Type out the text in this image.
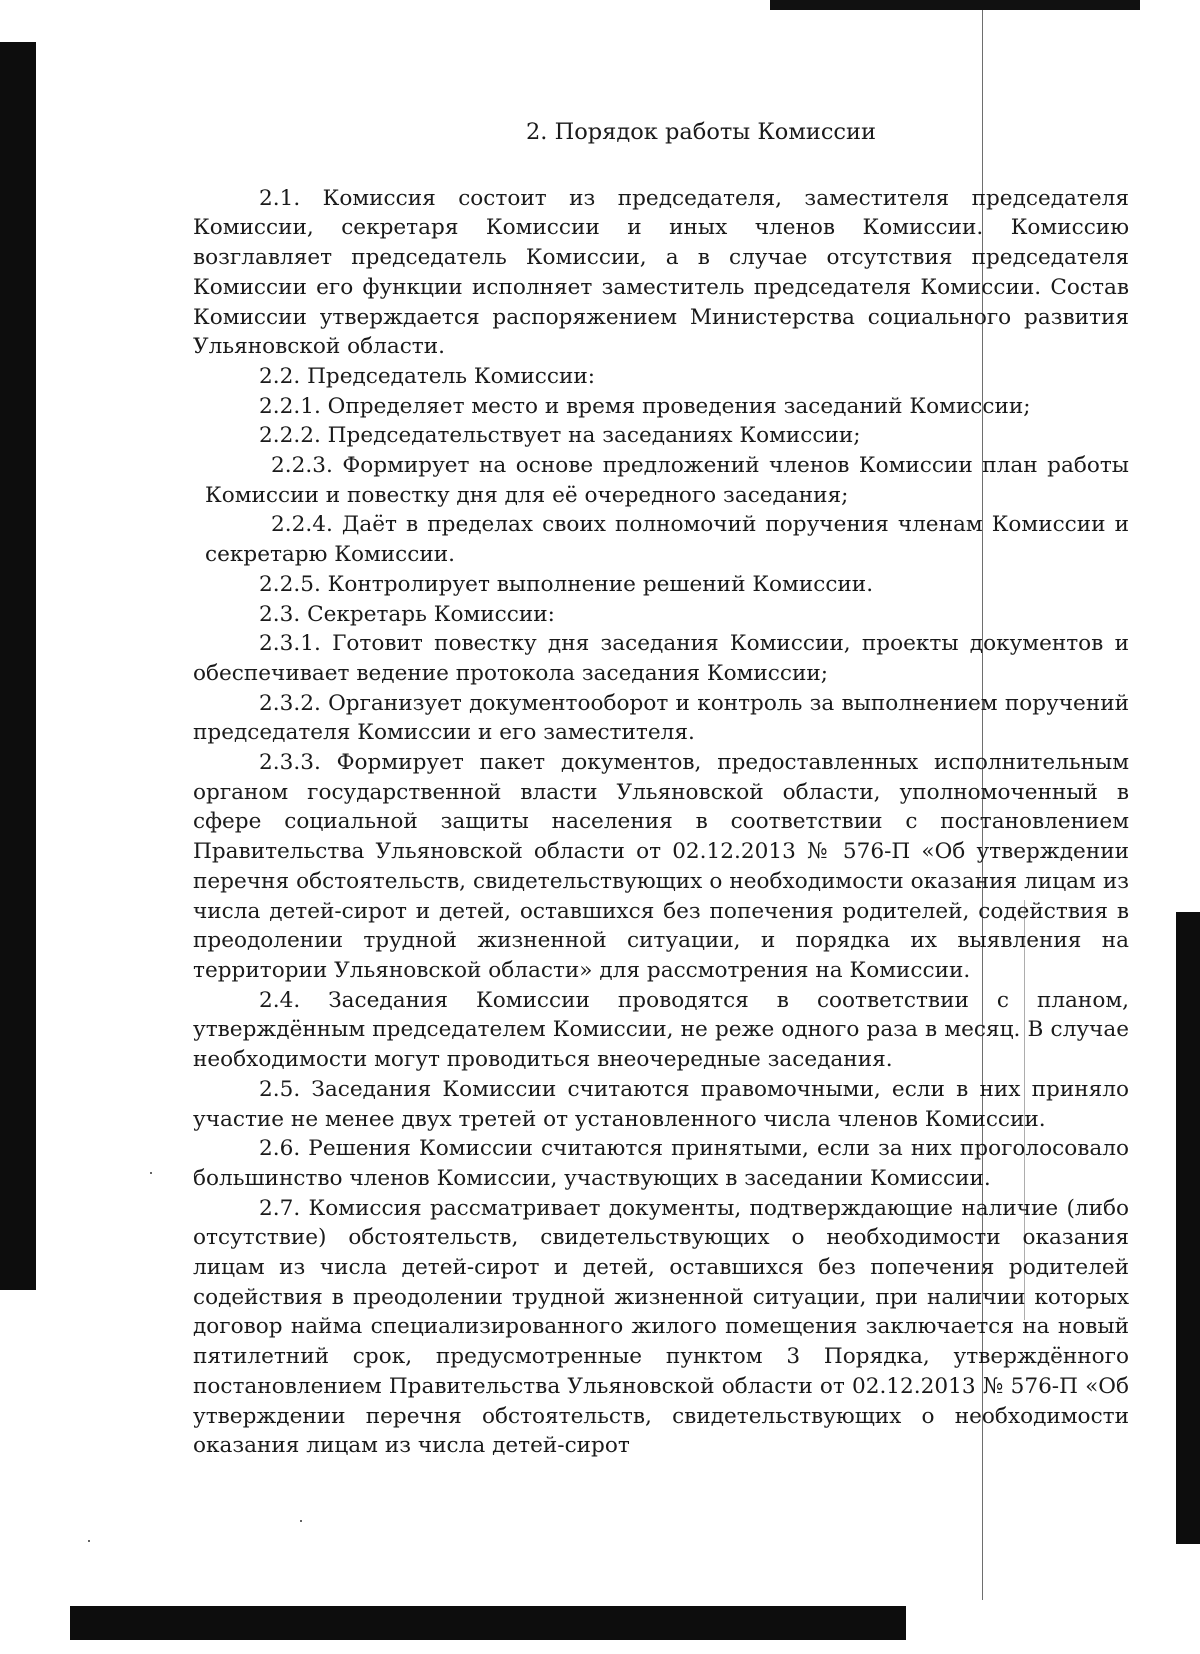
2. Порядок работы Комиссии

2.1. Комиссия состоит из председателя, заместителя председателя Комиссии, секретаря Комиссии и иных членов Комиссии. Комиссию возглавляет председатель Комиссии, а в случае отсутствия председателя Комиссии его функции исполняет заместитель председателя Комиссии. Состав Комиссии утверждается распоряжением Министерства социального развития Ульяновской области.

2.2. Председатель Комиссии:

2.2.1. Определяет место и время проведения заседаний Комиссии;

2.2.2. Председательствует на заседаниях Комиссии;

2.2.3. Формирует на основе предложений членов Комиссии план работы Комиссии и повестку дня для её очередного заседания;

2.2.4. Даёт в пределах своих полномочий поручения членам Комиссии и секретарю Комиссии.

2.2.5. Контролирует выполнение решений Комиссии.

2.3. Секретарь Комиссии:

2.3.1. Готовит повестку дня заседания Комиссии, проекты документов и обеспечивает ведение протокола заседания Комиссии;

2.3.2. Организует документооборот и контроль за выполнением поручений председателя Комиссии и его заместителя.

2.3.3. Формирует пакет документов, предоставленных исполнительным органом государственной власти Ульяновской области, уполномоченный в сфере социальной защиты населения в соответствии с постановлением Правительства Ульяновской области от 02.12.2013 № 576-П «Об утверждении перечня обстоятельств, свидетельствующих о необходимости оказания лицам из числа детей-сирот и детей, оставшихся без попечения родителей, содействия в преодолении трудной жизненной ситуации, и порядка их выявления на территории Ульяновской области» для рассмотрения на Комиссии.

2.4. Заседания Комиссии проводятся в соответствии с планом, утверждённым председателем Комиссии, не реже одного раза в месяц. В случае необходимости могут проводиться внеочередные заседания.

2.5. Заседания Комиссии считаются правомочными, если в них приняло участие не менее двух третей от установленного числа членов Комиссии.

2.6. Решения Комиссии считаются принятыми, если за них проголосовало большинство членов Комиссии, участвующих в заседании Комиссии.

2.7. Комиссия рассматривает документы, подтверждающие наличие (либо отсутствие) обстоятельств, свидетельствующих о необходимости оказания лицам из числа детей-сирот и детей, оставшихся без попечения родителей содействия в преодолении трудной жизненной ситуации, при наличии которых договор найма специализированного жилого помещения заключается на новый пятилетний срок, предусмотренные пунктом 3 Порядка, утверждённого постановлением Правительства Ульяновской области от 02.12.2013 № 576-П «Об утверждении перечня обстоятельств, свидетельствующих о необходимости оказания лицам из числа детей-сирот
